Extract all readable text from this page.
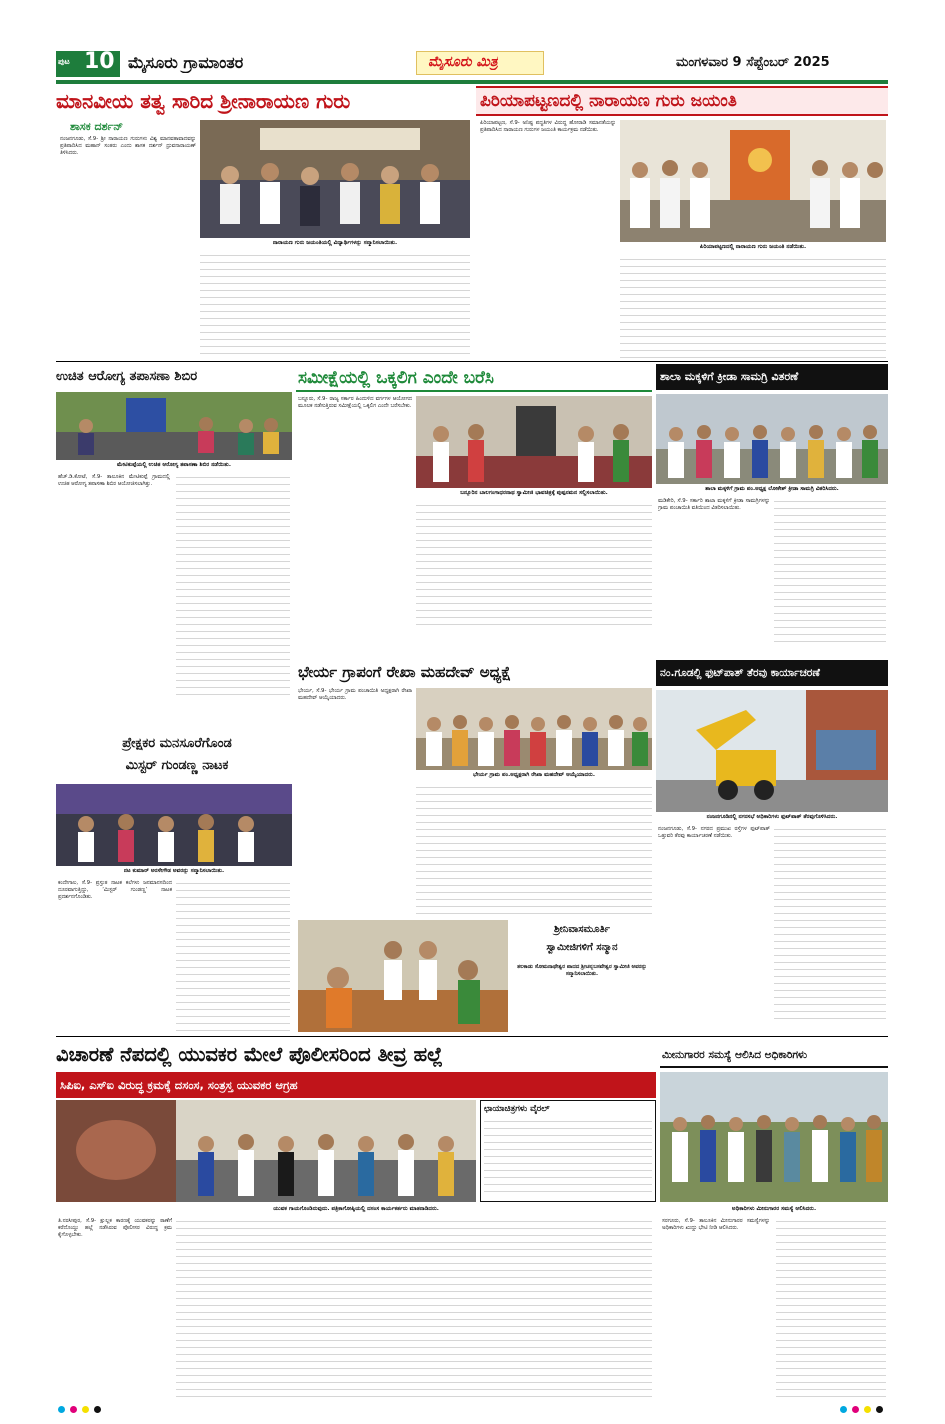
ಪುಟ 10 ಮೈಸೂರು ಗ್ರಾಮಾಂತರ	ಮೈಸೂರು ಮಿತ್ರ	ಮಂಗಳವಾರ 9 ಸೆಪ್ಟೆಂಬರ್ 2025
ಮಾನವೀಯ ತತ್ವ ಸಾರಿದ ಶ್ರೀನಾರಾಯಣ ಗುರು
ಶಾಸಕ ದರ್ಶನ್
ನಂಜನಗೂಡು, ಸೆ.9- ಶ್ರೀ ನಾರಾಯಣ ಗುರುಗಳು ವಿಶ್ವ ಮಾನವತಾವಾದವನ್ನು ಪ್ರತಿಪಾದಿಸಿದ ಮಹಾನ್ ಸಂತರು ಎಂದು ಶಾಸಕ ದರ್ಶನ್ ಧ್ರುವನಾರಾಯಣ್ ತಿಳಿಸಿದರು.
ನಾರಾಯಣ ಗುರು ಜಯಂತಿಯಲ್ಲಿ ವಿದ್ಯಾರ್ಥಿಗಳನ್ನು ಸನ್ಮಾನಿಸಲಾಯಿತು.
ಪಿರಿಯಾಪಟ್ಟಣದಲ್ಲಿ ನಾರಾಯಣ ಗುರು ಜಯಂತಿ
ಪಿರಿಯಾಪಟ್ಟಣ, ಸೆ.9- ಅನಿಷ್ಟ ಪದ್ಧತಿಗಳ ವಿರುದ್ಧ ಹೋರಾಡಿ ಸಮಾನತೆಯನ್ನು ಪ್ರತಿಪಾದಿಸಿದ ನಾರಾಯಣ ಗುರುಗಳ ಜಯಂತಿ ಕಾರ್ಯಕ್ರಮ ನಡೆಯಿತು.
ಪಿರಿಯಾಪಟ್ಟಣದಲ್ಲಿ ನಾರಾಯಣ ಗುರು ಜಯಂತಿ ನಡೆಯಿತು.
ಉಚಿತ ಆರೋಗ್ಯ ತಪಾಸಣಾ ಶಿಬಿರ
ಮೇಟಿಕುಪ್ಪೆಯಲ್ಲಿ ಉಚಿತ ಆರೋಗ್ಯ ತಪಾಸಣಾ ಶಿಬಿರ ನಡೆಯಿತು.
ಹೆಚ್.ಡಿ.ಕೋಟೆ, ಸೆ.9- ತಾಲೂಕಿನ ಮೇಟಿಕುಪ್ಪೆ ಗ್ರಾಮದಲ್ಲಿ ಉಚಿತ ಆರೋಗ್ಯ ತಪಾಸಣಾ ಶಿಬಿರ ಆಯೋಜಿಸಲಾಗಿತ್ತು.
ಸಮೀಕ್ಷೆಯಲ್ಲಿ ಒಕ್ಕಲಿಗ ಎಂದೇ ಬರೆಸಿ
ಬನ್ನೂರು, ಸೆ.9- ರಾಜ್ಯ ಸರ್ಕಾರ ಹಿಂದುಳಿದ ವರ್ಗಗಳ ಆಯೋಗದ ಮೂಲಕ ನಡೆಸುತ್ತಿರುವ ಸಮೀಕ್ಷೆಯಲ್ಲಿ ಒಕ್ಕಲಿಗ ಎಂದೇ ಬರೆಸಬೇಕು.
ಬನ್ನೂರಿನ ಬಾಲಗಂಗಾಧರನಾಥ ಸ್ವಾಮೀಜಿ ಭಾವಚಿತ್ರಕ್ಕೆ ಪುಷ್ಪನಮನ ಸಲ್ಲಿಸಲಾಯಿತು.
ಶಾಲಾ ಮಕ್ಕಳಿಗೆ ಕ್ರೀಡಾ ಸಾಮಗ್ರಿ ವಿತರಣೆ
ಶಾಲಾ ಮಕ್ಕಳಿಗೆ ಗ್ರಾಮ ಪಂ.ಅಧ್ಯಕ್ಷ ಲೋಕೇಶ್ ಕ್ರೀಡಾ ಸಾಮಗ್ರಿ ವಿತರಿಸಿದರು.
ಮಡಿಕೇರಿ, ಸೆ.9- ಸರ್ಕಾರಿ ಶಾಲಾ ಮಕ್ಕಳಿಗೆ ಕ್ರೀಡಾ ಸಾಮಗ್ರಿಗಳನ್ನು ಗ್ರಾಮ ಪಂಚಾಯಿತಿ ವತಿಯಿಂದ ವಿತರಿಸಲಾಯಿತು.
ಭೇರ್ಯ ಗ್ರಾಪಂಗೆ ರೇಖಾ ಮಹದೇವ್ ಅಧ್ಯಕ್ಷೆ
ಭೇರ್ಯ, ಸೆ.9- ಭೇರ್ಯ ಗ್ರಾಮ ಪಂಚಾಯಿತಿ ಅಧ್ಯಕ್ಷರಾಗಿ ರೇಖಾ ಮಹದೇವ್ ಆಯ್ಕೆಯಾದರು.
ಭೇರ್ಯ ಗ್ರಾಮ ಪಂ.ಅಧ್ಯಕ್ಷರಾಗಿ ರೇಖಾ ಮಹದೇವ್ ಆಯ್ಕೆಯಾದರು.
ನಂ.ಗೂಡಲ್ಲಿ ಫುಟ್‌ಪಾತ್ ತೆರವು ಕಾರ್ಯಾಚರಣೆ
ನಂಜನಗೂಡಿನಲ್ಲಿ ನಗರಸಭೆ ಅಧಿಕಾರಿಗಳು ಫುಟ್‌ಪಾತ್ ತೆರವುಗೊಳಿಸಿದರು.
ನಂಜನಗೂಡು, ಸೆ.9- ನಗರದ ಪ್ರಮುಖ ರಸ್ತೆಗಳ ಫುಟ್‌ಪಾತ್ ಒತ್ತುವರಿ ತೆರವು ಕಾರ್ಯಾಚರಣೆ ನಡೆಯಿತು.
ಪ್ರೇಕ್ಷಕರ ಮನಸೂರೆಗೊಂಡ
ಮಿಸ್ಟರ್ ಗುಂಡಣ್ಣ ನಾಟಕ
ನಟ ಕುಮಾರ್ ಅರಸೇಗೌಡ ಅವರನ್ನು ಸನ್ಮಾನಿಸಲಾಯಿತು.
ಕಂದೇಗಾಲ, ಸೆ.9- ಪ್ರಸ್ತುತ ನಾಟಕ ಕಲೆಗಳು ಜನಮಾನಸದಿಂದ ದೂರವಾಗುತ್ತಿದ್ದು, ‘ಮಿಸ್ಟರ್ ಗುಂಡಣ್ಣ’ ನಾಟಕ ಪ್ರದರ್ಶನಗೊಂಡಿತು.
ಶ್ರೀನಿವಾಸಮೂರ್ತಿ
ಸ್ವಾಮೀಜಿಗಳಿಗೆ ಸನ್ಮಾನ
ತಲಕಾಡು ಸೋಮನಾಥೇಶ್ವರ ಪಾದದ ಶ್ರೀಚನ್ನಬಸವೇಶ್ವರ ಸ್ವಾಮೀಜಿ ಅವರನ್ನು ಸನ್ಮಾನಿಸಲಾಯಿತು.
ವಿಚಾರಣೆ ನೆಪದಲ್ಲಿ ಯುವಕರ ಮೇಲೆ ಪೊಲೀಸರಿಂದ ತೀವ್ರ ಹಲ್ಲೆ
ಸಿಪಿಐ, ಎಸ್ಐ ವಿರುದ್ಧ ಕ್ರಮಕ್ಕೆ ದಸಂಸ, ಸಂತ್ರಸ್ತ ಯುವಕರ ಆಗ್ರಹ
ಛಾಯಾಚಿತ್ರಗಳು ವೈರಲ್
ಯುವಕ ಗಾಯಗೊಂಡಿರುವುದು. ಪತ್ರಿಕಾಗೋಷ್ಠಿಯಲ್ಲಿ ದಸಂಸ ಕಾರ್ಯಕರ್ತರು ಮಾತನಾಡಿದರು.
ತಿ.ನರಸೀಪುರ, ಸೆ.9- ಕ್ಷುಲ್ಲಕ ಕಾರಣಕ್ಕೆ ಯುವಕರನ್ನು ಠಾಣೆಗೆ ಕರೆದೊಯ್ದು ಹಲ್ಲೆ ನಡೆಸಿರುವ ಪೊಲೀಸರ ವಿರುದ್ಧ ಕ್ರಮ ಕೈಗೊಳ್ಳಬೇಕು.
ಮೀನುಗಾರರ ಸಮಸ್ಯೆ ಆಲಿಸಿದ ಅಧಿಕಾರಿಗಳು
ಅಧಿಕಾರಿಗಳು ಮೀನುಗಾರರ ಸಮಸ್ಯೆ ಆಲಿಸಿದರು.
ಸರಗೂರು, ಸೆ.9- ತಾಲೂಕಿನ ಮೀನುಗಾರರ ಸಮಸ್ಯೆಗಳನ್ನು ಅಧಿಕಾರಿಗಳು ಖುದ್ದು ಭೇಟಿ ನೀಡಿ ಆಲಿಸಿದರು.
